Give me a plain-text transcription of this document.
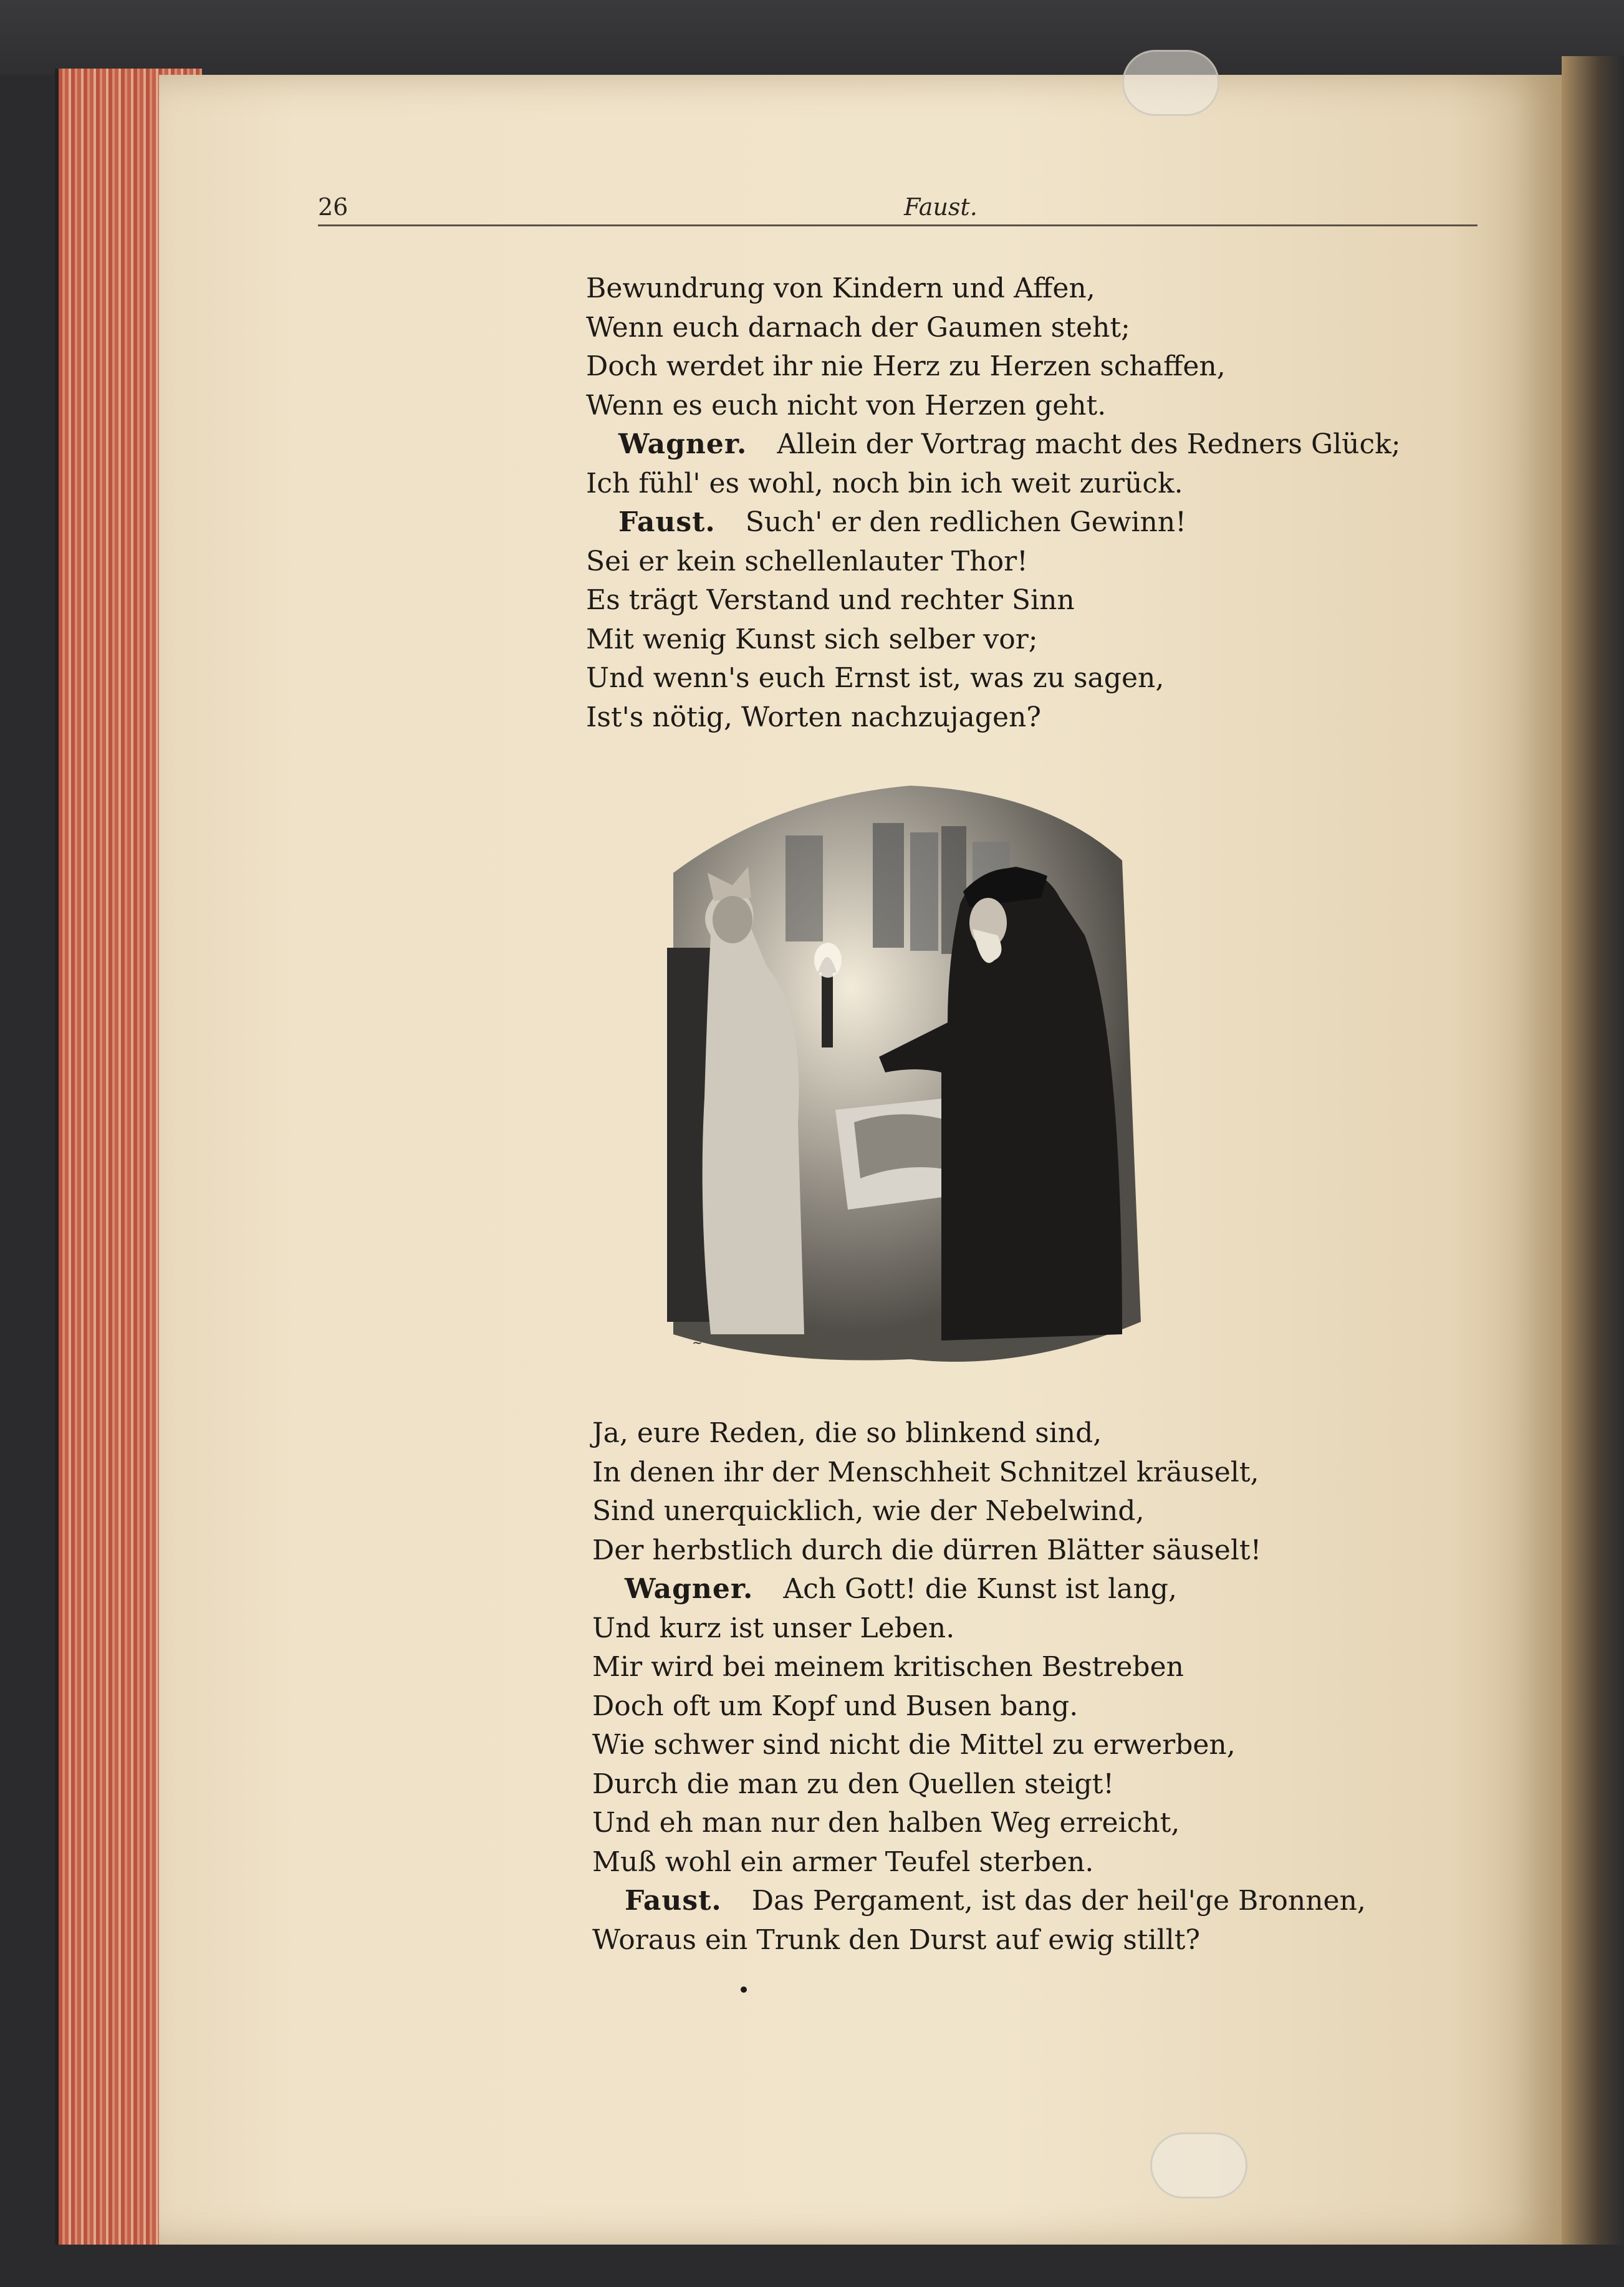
26	Faust.
Bewundrung von Kindern und Affen,
Wenn euch darnach der Gaumen steht;
Doch werdet ihr nie Herz zu Herzen schaffen,
Wenn es euch nicht von Herzen geht.
Wagner. Allein der Vortrag macht des Redners Glück;
Ich fühl' es wohl, noch bin ich weit zurück.
Faust. Such' er den redlichen Gewinn!
Sei er kein schellenlauter Thor!
Es trägt Verstand und rechter Sinn
Mit wenig Kunst sich selber vor;
Und wenn's euch Ernst ist, was zu sagen,
Ist's nötig, Worten nachzujagen?
~
Ja, eure Reden, die so blinkend sind,
In denen ihr der Menschheit Schnitzel kräuselt,
Sind unerquicklich, wie der Nebelwind,
Der herbstlich durch die dürren Blätter säuselt!
Wagner. Ach Gott! die Kunst ist lang,
Und kurz ist unser Leben.
Mir wird bei meinem kritischen Bestreben
Doch oft um Kopf und Busen bang.
Wie schwer sind nicht die Mittel zu erwerben,
Durch die man zu den Quellen steigt!
Und eh man nur den halben Weg erreicht,
Muß wohl ein armer Teufel sterben.
Faust. Das Pergament, ist das der heil'ge Bronnen,
Woraus ein Trunk den Durst auf ewig stillt?
